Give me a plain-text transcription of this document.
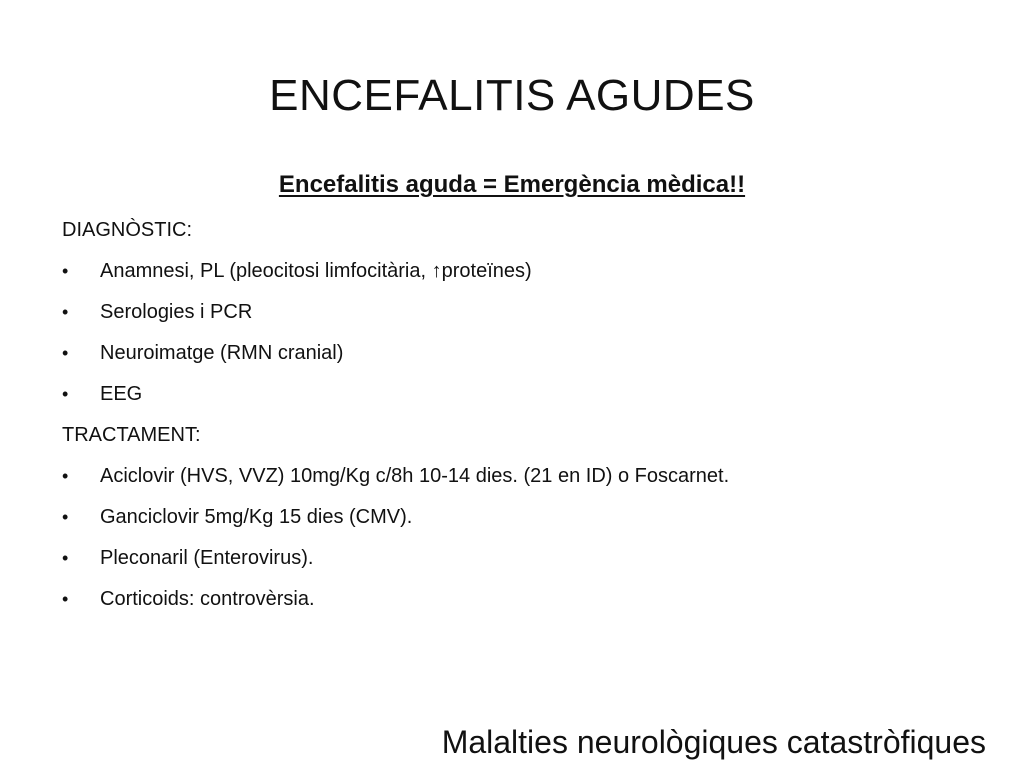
ENCEFALITIS AGUDES
Encefalitis aguda = Emergència mèdica!!
DIAGNÒSTIC:
•	Anamnesi, PL (pleocitosi limfocitària, ↑proteïnes)
•	Serologies i PCR
•	Neuroimatge (RMN cranial)
•	EEG
TRACTAMENT:
•	Aciclovir (HVS, VVZ) 10mg/Kg c/8h 10-14 dies. (21 en ID) o Foscarnet.
•	Ganciclovir 5mg/Kg 15 dies (CMV).
•	Pleconaril (Enterovirus).
•	Corticoids: controvèrsia.
Malalties neurològiques catastròfiques
